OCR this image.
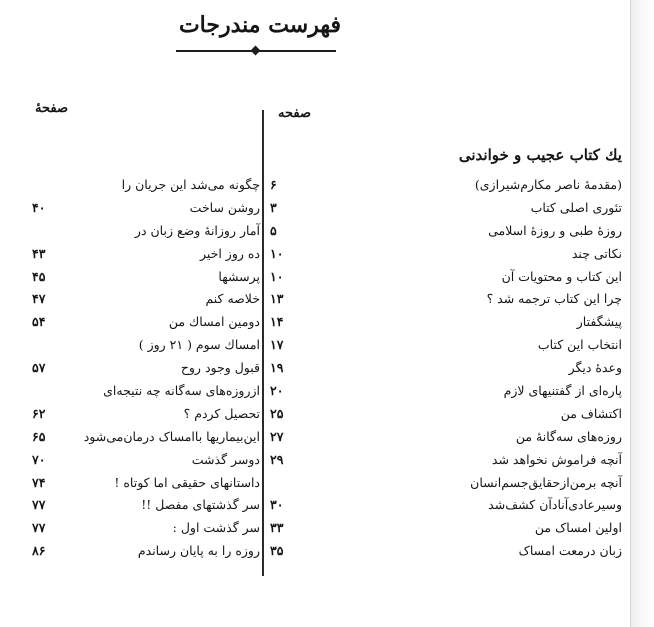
فهرست مندرجات
صفحه
صفحهٔ
یك كتاب عجیب و خواندنی
(مقدمهٔ ناصر مکارم‌شیرازی)
۶
تئوری اصلی کتاب
۳
روزهٔ طبی و روزهٔ اسلامی
۵
نکاتی چند
۱۰
این کتاب و محتویات آن
۱۰
چرا این کتاب ترجمه شد ؟
۱۳
پیشگفتار
۱۴
انتخاب این کتاب
۱۷
وعدهٔ دیگر
۱۹
پاره‌ای از گفتنیهای لازم
۲۰
اکتشاف من
۲۵
روزه‌های سه‌گانهٔ من
۲۷
آنچه فراموش نخواهد شد
۲۹
آنچه برمن‌از‌حقایق‌جسم‌انسان
وسیر‌عادی‌آنادآن کشف‌شد
۳۰
اولین امساک من
۳۳
زبان درمعت امساک
۳۵
چگونه می‌شد این جریان را
روشن ساخت
۴۰
آمار روزانهٔ وضع زبان در
ده روز اخیر
۴۳
پرسشها
۴۵
خلاصه کنم
۴۷
دومین امساك من
۵۴
امساك سوم ( ۲۱ روز )
قبول وجود روح
۵۷
ازروزه‌های سه‌گانه چه نتیجه‌ای
تحصیل کردم ؟
۶۲
این‌بیماریها باامساک درمان‌می‌شود
۶۵
دوسر گذشت
۷۰
داستانهای حقیقی اما کوتاه !
۷۴
سر گذشتهای مفصل !!
۷۷
سر گذشت اول :
۷۷
روزه را به پایان رساندم
۸۶
